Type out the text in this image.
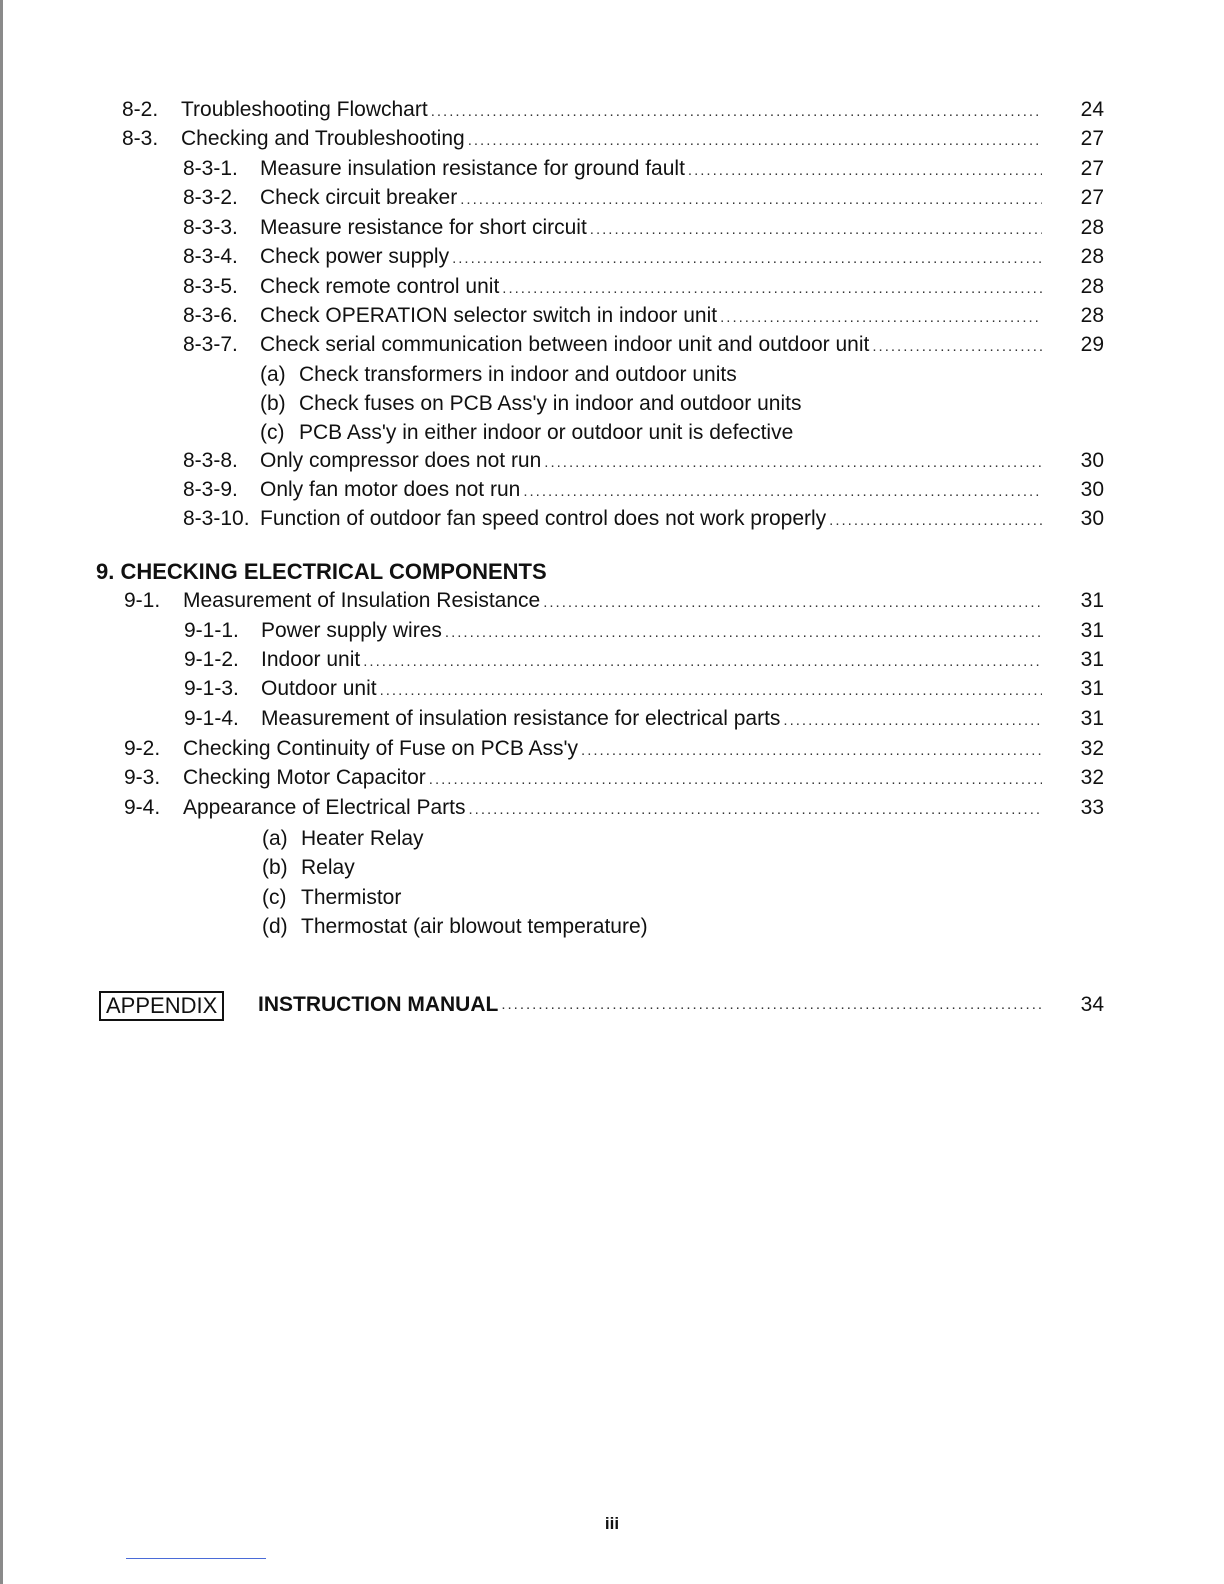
8-2.	Troubleshooting Flowchart .....	24
8-3.	Checking and Troubleshooting .....	27
8-3-1.	Measure insulation resistance for ground fault .....	27
8-3-2.	Check circuit breaker .....	27
8-3-3.	Measure resistance for short circuit .....	28
8-3-4.	Check power supply .....	28
8-3-5.	Check remote control unit .....	28
8-3-6.	Check OPERATION selector switch in indoor unit .....	28
8-3-7.	Check serial communication between indoor unit and outdoor unit .....	29
(a) Check transformers in indoor and outdoor units
(b) Check fuses on PCB Ass'y in indoor and outdoor units
(c) PCB Ass'y in either indoor or outdoor unit is defective
8-3-8.	Only compressor does not run .....	30
8-3-9.	Only fan motor does not run .....	30
8-3-10. Function of outdoor fan speed control does not work properly .....	30
9. CHECKING ELECTRICAL COMPONENTS
9-1.	Measurement of Insulation Resistance .....	31
9-1-1.	Power supply wires .....	31
9-1-2.	Indoor unit .....	31
9-1-3.	Outdoor unit .....	31
9-1-4.	Measurement of insulation resistance for electrical parts .....	31
9-2.	Checking Continuity of Fuse on PCB Ass'y .....	32
9-3.	Checking Motor Capacitor .....	32
9-4.	Appearance of Electrical Parts .....	33
(a) Heater Relay
(b) Relay
(c) Thermistor
(d) Thermostat (air blowout temperature)
APPENDIX	INSTRUCTION MANUAL .....	34
iii
